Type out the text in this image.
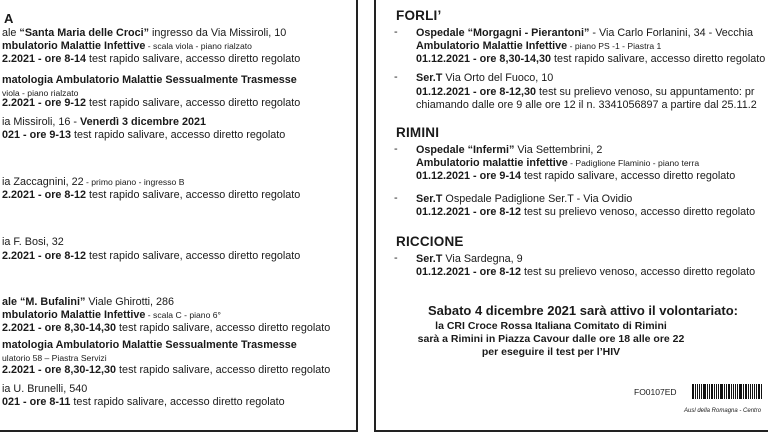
A
ale “Santa Maria delle Croci” ingresso da Via Missiroli, 10
mbulatorio Malattie Infettive - scala viola - piano rialzato
2.2021 - ore 8-14 test rapido salivare, accesso diretto regolato
matologia Ambulatorio Malattie Sessualmente Trasmesse
viola - piano rialzato
2.2021 - ore 9-12 test rapido salivare, accesso diretto regolato
ia Missiroli, 16 - Venerdì 3 dicembre 2021
021 - ore 9-13 test rapido salivare, accesso diretto regolato
ia Zaccagnini, 22 - primo piano - ingresso B
2.2021 - ore 8-12 test rapido salivare, accesso diretto regolato
ia F. Bosi, 32
2.2021 - ore 8-12 test rapido salivare, accesso diretto regolato
ale “M. Bufalini” Viale Ghirotti, 286
mbulatorio Malattie Infettive - scala C - piano 6°
2.2021 - ore 8,30-14,30 test rapido salivare, accesso diretto regolato
matologia Ambulatorio Malattie Sessualmente Trasmesse
ulatorio 58 – Piastra Servizi
2.2021 - ore 8,30-12,30 test rapido salivare, accesso diretto regolato
ia U. Brunelli, 540
021 - ore 8-11 test rapido salivare, accesso diretto regolato
FORLI’
- Ospedale “Morgagni - Pierantoni” - Via Carlo Forlanini, 34 - Vecchia
Ambulatorio Malattie Infettive - piano PS -1 - Piastra 1
01.12.2021 - ore 8,30-14,30 test rapido salivare, accesso diretto regolato
- Ser.T Via Orto del Fuoco, 10
01.12.2021 - ore 8-12,30 test su prelievo venoso, su appuntamento: pr
chiamando dalle ore 9 alle ore 12 il n. 3341056897 a partire dal 25.11.2
RIMINI
- Ospedale “Infermi” Via Settembrini, 2
Ambulatorio malattie infettive - Padiglione Flaminio - piano terra
01.12.2021 - ore 9-14 test rapido salivare, accesso diretto regolato
- Ser.T Ospedale Padiglione Ser.T - Via Ovidio
01.12.2021 - ore 8-12 test su prelievo venoso, accesso diretto regolato
RICCIONE
- Ser.T Via Sardegna, 9
01.12.2021 - ore 8-12 test su prelievo venoso, accesso diretto regolato
Sabato 4 dicembre 2021 sarà attivo il volontariato:
la CRI Croce Rossa Italiana Comitato di Rimini
sarà a Rimini in Piazza Cavour dalle ore 18 alle ore 22
per eseguire il test per l’HIV
FO0107ED
Ausl della Romagna - Centro
